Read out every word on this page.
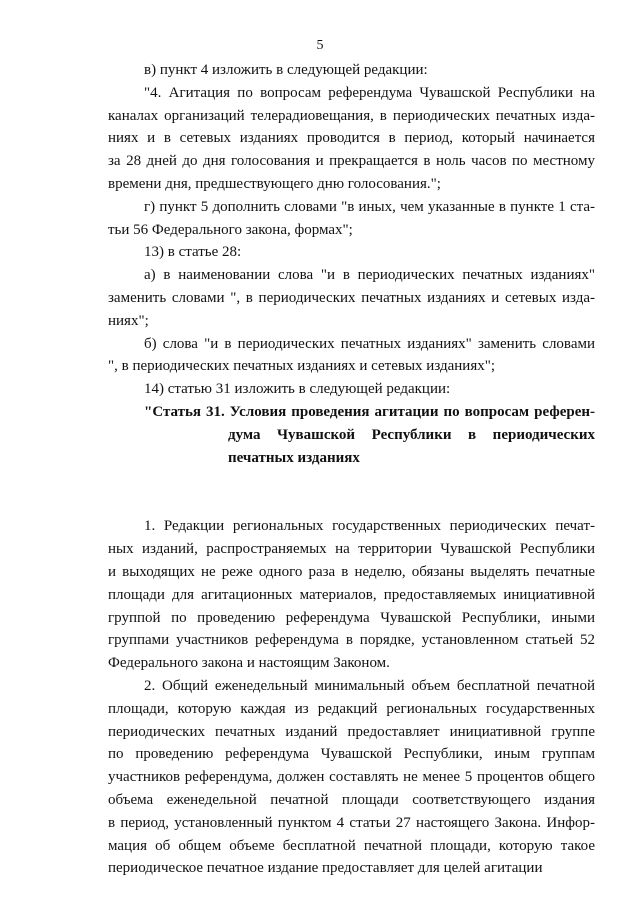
5
в) пункт 4 изложить в следующей редакции:
"4. Агитация по вопросам референдума Чувашской Республики на
каналах организаций телерадиовещания, в периодических печатных изда-
ниях и в сетевых изданиях проводится в период, который начинается
за 28 дней до дня голосования и прекращается в ноль часов по местному
времени дня, предшествующего дню голосования.";
г) пункт 5 дополнить словами "в иных, чем указанные в пункте 1 ста-
тьи 56 Федерального закона, формах";
13) в статье 28:
а) в наименовании слова "и в периодических печатных изданиях"
заменить словами ", в периодических печатных изданиях и сетевых изда-
ниях";
б) слова "и в периодических печатных изданиях" заменить словами
", в периодических печатных изданиях и сетевых изданиях";
14) статью 31 изложить в следующей редакции:
"Статья 31. Условия проведения агитации по вопросам референ-
дума Чувашской Республики в периодических
печатных изданиях
1. Редакции региональных государственных периодических печат-
ных изданий, распространяемых на территории Чувашской Республики
и выходящих не реже одного раза в неделю, обязаны выделять печатные
площади для агитационных материалов, предоставляемых инициативной
группой по проведению референдума Чувашской Республики, иными
группами участников референдума в порядке, установленном статьей 52
Федерального закона и настоящим Законом.
2. Общий еженедельный минимальный объем бесплатной печатной
площади, которую каждая из редакций региональных государственных
периодических печатных изданий предоставляет инициативной группе
по проведению референдума Чувашской Республики, иным группам
участников референдума, должен составлять не менее 5 процентов общего
объема еженедельной печатной площади соответствующего издания
в период, установленный пунктом 4 статьи 27 настоящего Закона. Инфор-
мация об общем объеме бесплатной печатной площади, которую такое
периодическое печатное издание предоставляет для целей агитации
